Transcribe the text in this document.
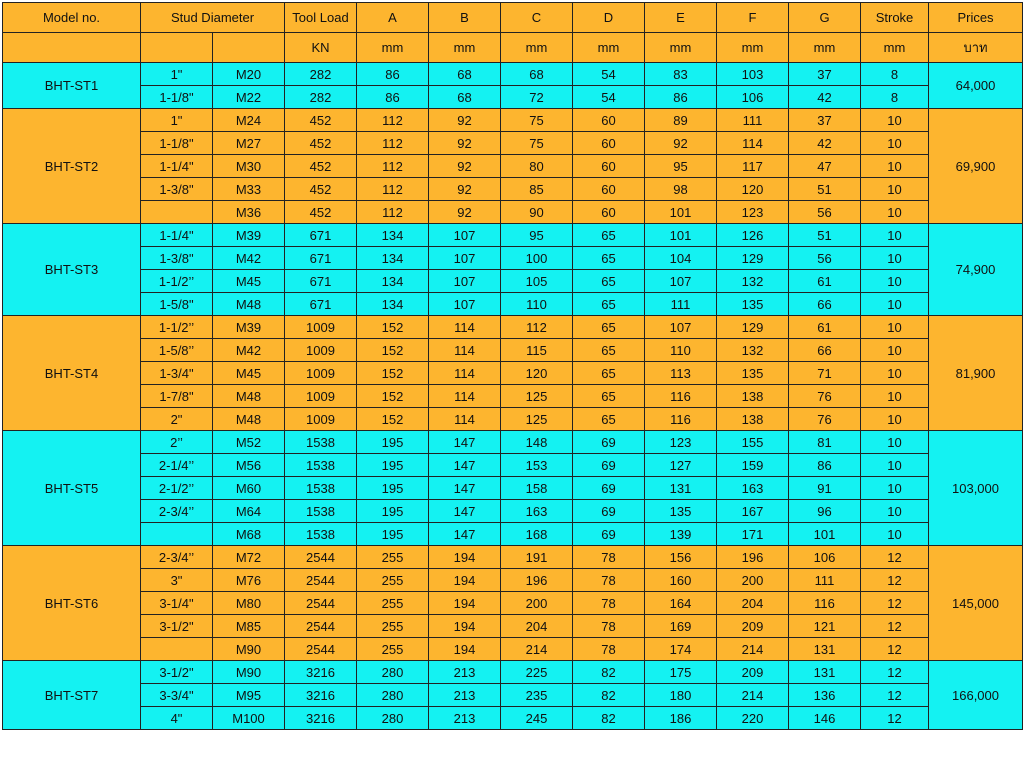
Model no.	Stud Diameter		Tool Load	A	B	C	D	E	F	G	Stroke	Prices
			KN	mm	mm	mm	mm	mm	mm	mm	mm	บาท
BHT-ST1	1"	M20	282	86	68	68	54	83	103	37	8	64,000
	1-1/8"	M22	282	86	68	72	54	86	106	42	8	
BHT-ST2	1"	M24	452	112	92	75	60	89	111	37	10	69,900
	1-1/8"	M27	452	112	92	75	60	92	114	42	10	
	1-1/4"	M30	452	112	92	80	60	95	117	47	10	
	1-3/8"	M33	452	112	92	85	60	98	120	51	10	
		M36	452	112	92	90	60	101	123	56	10	
BHT-ST3	1-1/4"	M39	671	134	107	95	65	101	126	51	10	74,900
	1-3/8"	M42	671	134	107	100	65	104	129	56	10	
	1-1/2’’	M45	671	134	107	105	65	107	132	61	10	
	1-5/8"	M48	671	134	107	110	65	111	135	66	10	
BHT-ST4	1-1/2’’	M39	1009	152	114	112	65	107	129	61	10	81,900
	1-5/8’’	M42	1009	152	114	115	65	110	132	66	10	
	1-3/4"	M45	1009	152	114	120	65	113	135	71	10	
	1-7/8"	M48	1009	152	114	125	65	116	138	76	10	
	2"	M48	1009	152	114	125	65	116	138	76	10	
BHT-ST5	2’’	M52	1538	195	147	148	69	123	155	81	10	103,000
	2-1/4’’	M56	1538	195	147	153	69	127	159	86	10	
	2-1/2’’	M60	1538	195	147	158	69	131	163	91	10	
	2-3/4’’	M64	1538	195	147	163	69	135	167	96	10	
		M68	1538	195	147	168	69	139	171	101	10	
BHT-ST6	2-3/4’’	M72	2544	255	194	191	78	156	196	106	12	145,000
	3"	M76	2544	255	194	196	78	160	200	111	12	
	3-1/4"	M80	2544	255	194	200	78	164	204	116	12	
	3-1/2"	M85	2544	255	194	204	78	169	209	121	12	
		M90	2544	255	194	214	78	174	214	131	12	
BHT-ST7	3-1/2"	M90	3216	280	213	225	82	175	209	131	12	166,000
	3-3/4"	M95	3216	280	213	235	82	180	214	136	12	
	4"	M100	3216	280	213	245	82	186	220	146	12	
